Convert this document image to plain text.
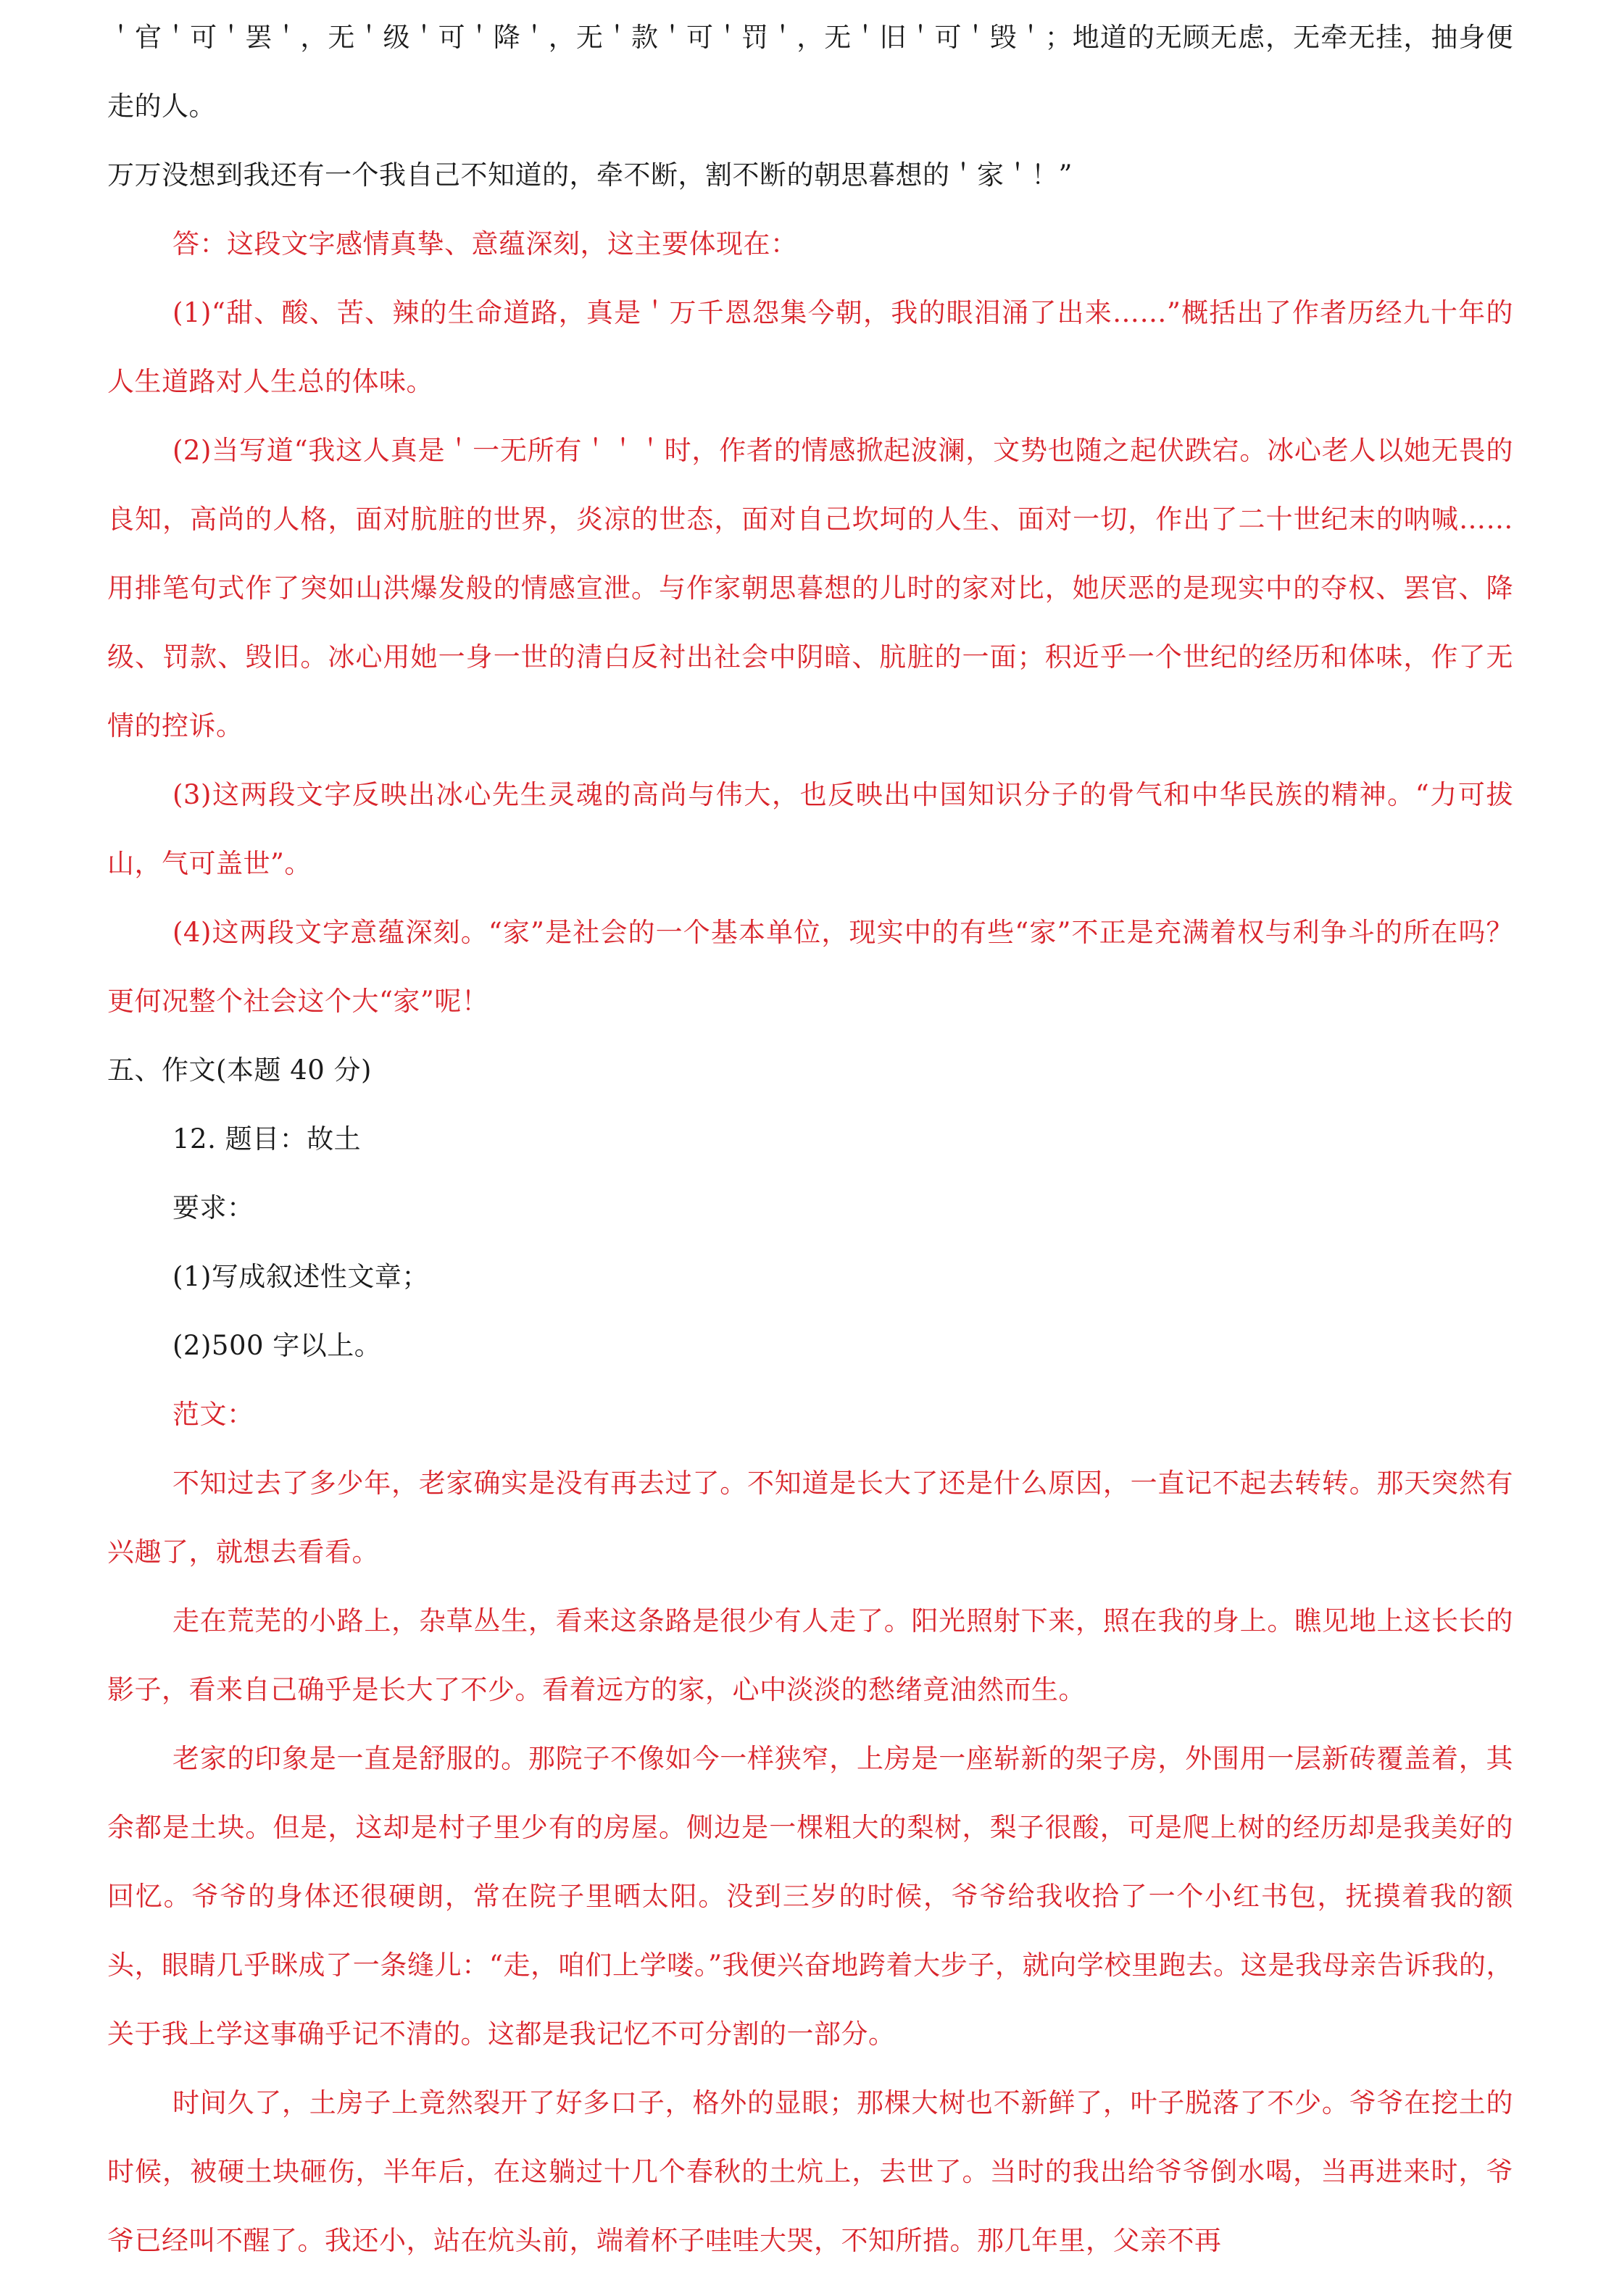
＇官＇可＇罢＇，无＇级＇可＇降＇，无＇款＇可＇罚＇，无＇旧＇可＇毁＇；地道的无顾无虑，无牵无挂，抽身便走的人。

万万没想到我还有一个我自己不知道的，牵不断，割不断的朝思暮想的＇家＇！”

答：这段文字感情真挚、意蕴深刻，这主要体现在：

(1)“甜、酸、苦、辣的生命道路，真是＇万千恩怨集今朝，我的眼泪涌了出来……”概括出了作者历经九十年的人生道路对人生总的体味。

(2)当写道“我这人真是＇一无所有＇＇＇时，作者的情感掀起波澜，文势也随之起伏跌宕。冰心老人以她无畏的良知，高尚的人格，面对肮脏的世界，炎凉的世态，面对自己坎坷的人生、面对一切，作出了二十世纪末的呐喊……用排笔句式作了突如山洪爆发般的情感宣泄。与作家朝思暮想的儿时的家对比，她厌恶的是现实中的夺权、罢官、降级、罚款、毁旧。冰心用她一身一世的清白反衬出社会中阴暗、肮脏的一面；积近乎一个世纪的经历和体味，作了无情的控诉。

(3)这两段文字反映出冰心先生灵魂的高尚与伟大，也反映出中国知识分子的骨气和中华民族的精神。“力可拔山，气可盖世”。

(4)这两段文字意蕴深刻。“家”是社会的一个基本单位，现实中的有些“家”不正是充满着权与利争斗的所在吗？更何况整个社会这个大“家”呢！

五、作文(本题 40 分)

12. 题目：故土

要求：

(1)写成叙述性文章；

(2)500 字以上。

范文：

不知过去了多少年，老家确实是没有再去过了。不知道是长大了还是什么原因，一直记不起去转转。那天突然有兴趣了，就想去看看。

走在荒芜的小路上，杂草丛生，看来这条路是很少有人走了。阳光照射下来，照在我的身上。瞧见地上这长长的影子，看来自己确乎是长大了不少。看着远方的家，心中淡淡的愁绪竟油然而生。

老家的印象是一直是舒服的。那院子不像如今一样狭窄，上房是一座崭新的架子房，外围用一层新砖覆盖着，其余都是土块。但是，这却是村子里少有的房屋。侧边是一棵粗大的梨树，梨子很酸，可是爬上树的经历却是我美好的回忆。爷爷的身体还很硬朗，常在院子里晒太阳。没到三岁的时候，爷爷给我收拾了一个小红书包，抚摸着我的额头，眼睛几乎眯成了一条缝儿：“走，咱们上学喽。”我便兴奋地跨着大步子，就向学校里跑去。这是我母亲告诉我的，关于我上学这事确乎记不清的。这都是我记忆不可分割的一部分。

时间久了，土房子上竟然裂开了好多口子，格外的显眼；那棵大树也不新鲜了，叶子脱落了不少。爷爷在挖土的时候，被硬土块砸伤，半年后，在这躺过十几个春秋的土炕上，去世了。当时的我出给爷爷倒水喝，当再进来时，爷爷已经叫不醒了。我还小，站在炕头前，端着杯子哇哇大哭，不知所措。那几年里，父亲不再
